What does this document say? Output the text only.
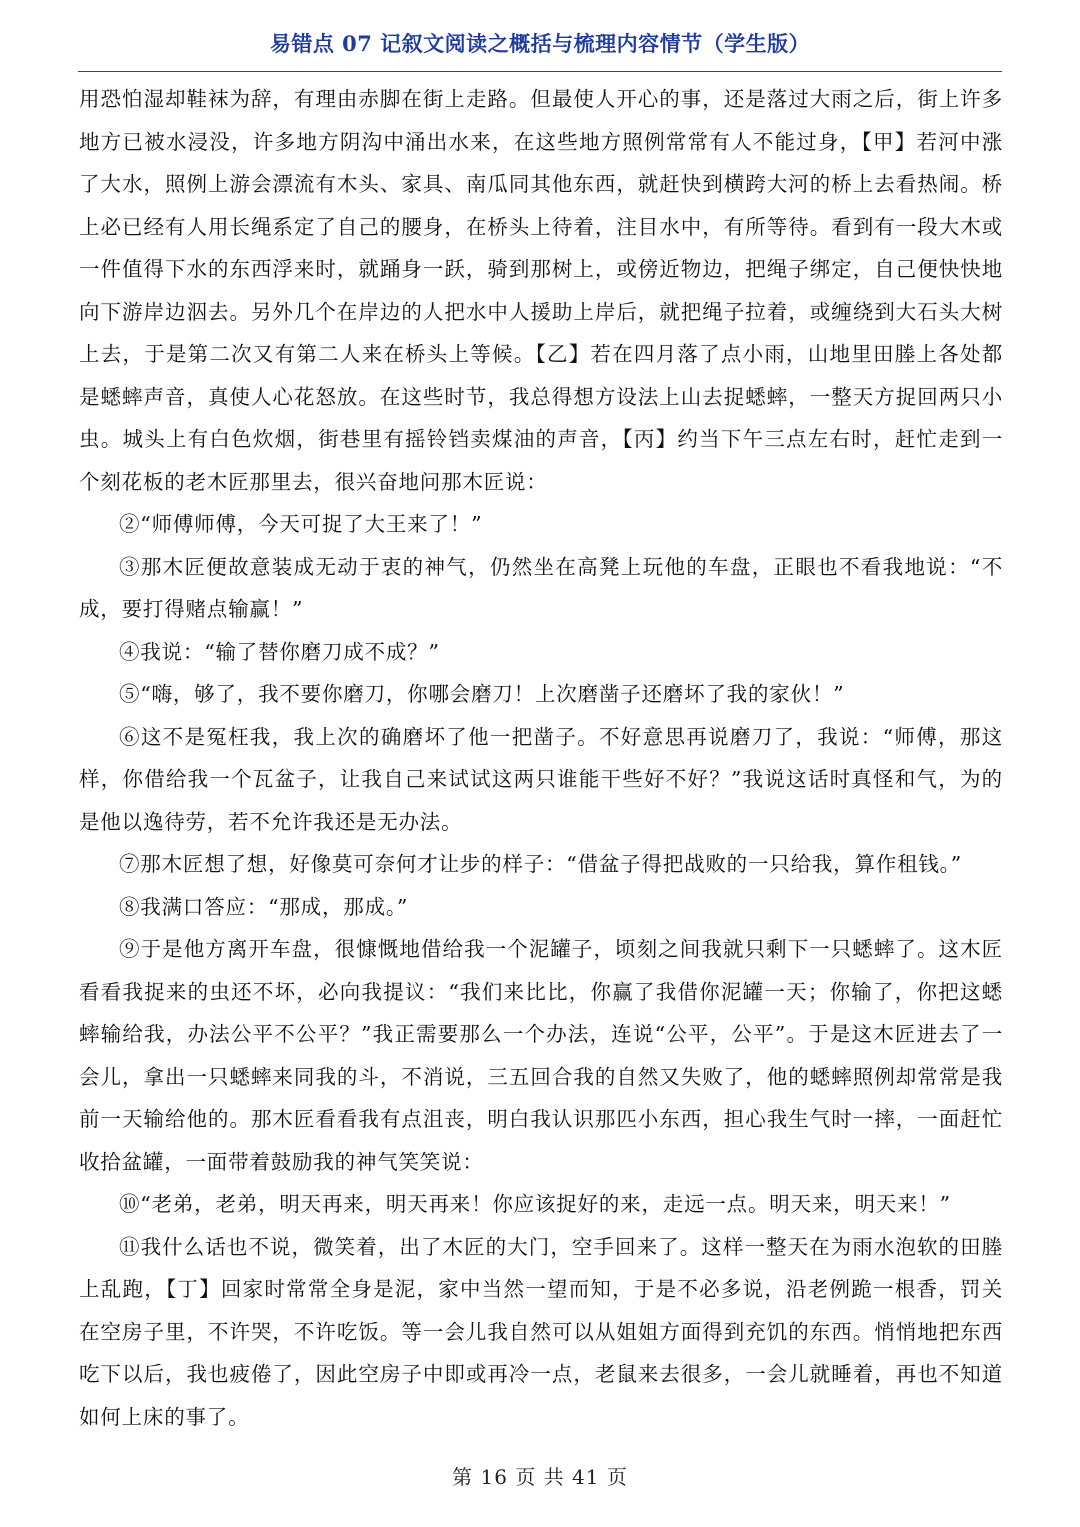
易错点 07 记叙文阅读之概括与梳理内容情节（学生版）

用恐怕湿却鞋袜为辞，有理由赤脚在街上走路。但最使人开心的事，还是落过大雨之后，街上许多地方已被水浸没，许多地方阴沟中涌出水来，在这些地方照例常常有人不能过身，【甲】若河中涨了大水，照例上游会漂流有木头、家具、南瓜同其他东西，就赶快到横跨大河的桥上去看热闹。桥上必已经有人用长绳系定了自己的腰身，在桥头上待着，注目水中，有所等待。看到有一段大木或一件值得下水的东西浮来时，就踊身一跃，骑到那树上，或傍近物边，把绳子绑定，自己便快快地向下游岸边泅去。另外几个在岸边的人把水中人援助上岸后，就把绳子拉着，或缠绕到大石头大树上去，于是第二次又有第二人来在桥头上等候。【乙】若在四月落了点小雨，山地里田塍上各处都是蟋蟀声音，真使人心花怒放。在这些时节，我总得想方设法上山去捉蟋蟀，一整天方捉回两只小虫。城头上有白色炊烟，街巷里有摇铃铛卖煤油的声音，【丙】约当下午三点左右时，赶忙走到一个刻花板的老木匠那里去，很兴奋地问那木匠说：

②“师傅师傅，今天可捉了大王来了！”

③那木匠便故意装成无动于衷的神气，仍然坐在高凳上玩他的车盘，正眼也不看我地说：“不成，要打得赌点输赢！”

④我说：“输了替你磨刀成不成？”

⑤“嗨，够了，我不要你磨刀，你哪会磨刀！上次磨凿子还磨坏了我的家伙！”

⑥这不是冤枉我，我上次的确磨坏了他一把凿子。不好意思再说磨刀了，我说：“师傅，那这样，你借给我一个瓦盆子，让我自己来试试这两只谁能干些好不好？”我说这话时真怪和气，为的是他以逸待劳，若不允许我还是无办法。

⑦那木匠想了想，好像莫可奈何才让步的样子：“借盆子得把战败的一只给我，算作租钱。”

⑧我满口答应：“那成，那成。”

⑨于是他方离开车盘，很慷慨地借给我一个泥罐子，顷刻之间我就只剩下一只蟋蟀了。这木匠看看我捉来的虫还不坏，必向我提议：“我们来比比，你赢了我借你泥罐一天；你输了，你把这蟋蟀输给我，办法公平不公平？”我正需要那么一个办法，连说“公平，公平”。于是这木匠进去了一会儿，拿出一只蟋蟀来同我的斗，不消说，三五回合我的自然又失败了，他的蟋蟀照例却常常是我前一天输给他的。那木匠看看我有点沮丧，明白我认识那匹小东西，担心我生气时一摔，一面赶忙收拾盆罐，一面带着鼓励我的神气笑笑说：

⑩“老弟，老弟，明天再来，明天再来！你应该捉好的来，走远一点。明天来，明天来！”

⑪我什么话也不说，微笑着，出了木匠的大门，空手回来了。这样一整天在为雨水泡软的田塍上乱跑，【丁】回家时常常全身是泥，家中当然一望而知，于是不必多说，沿老例跪一根香，罚关在空房子里，不许哭，不许吃饭。等一会儿我自然可以从姐姐方面得到充饥的东西。悄悄地把东西吃下以后，我也疲倦了，因此空房子中即或再冷一点，老鼠来去很多，一会儿就睡着，再也不知道如何上床的事了。

第 16 页 共 41 页
